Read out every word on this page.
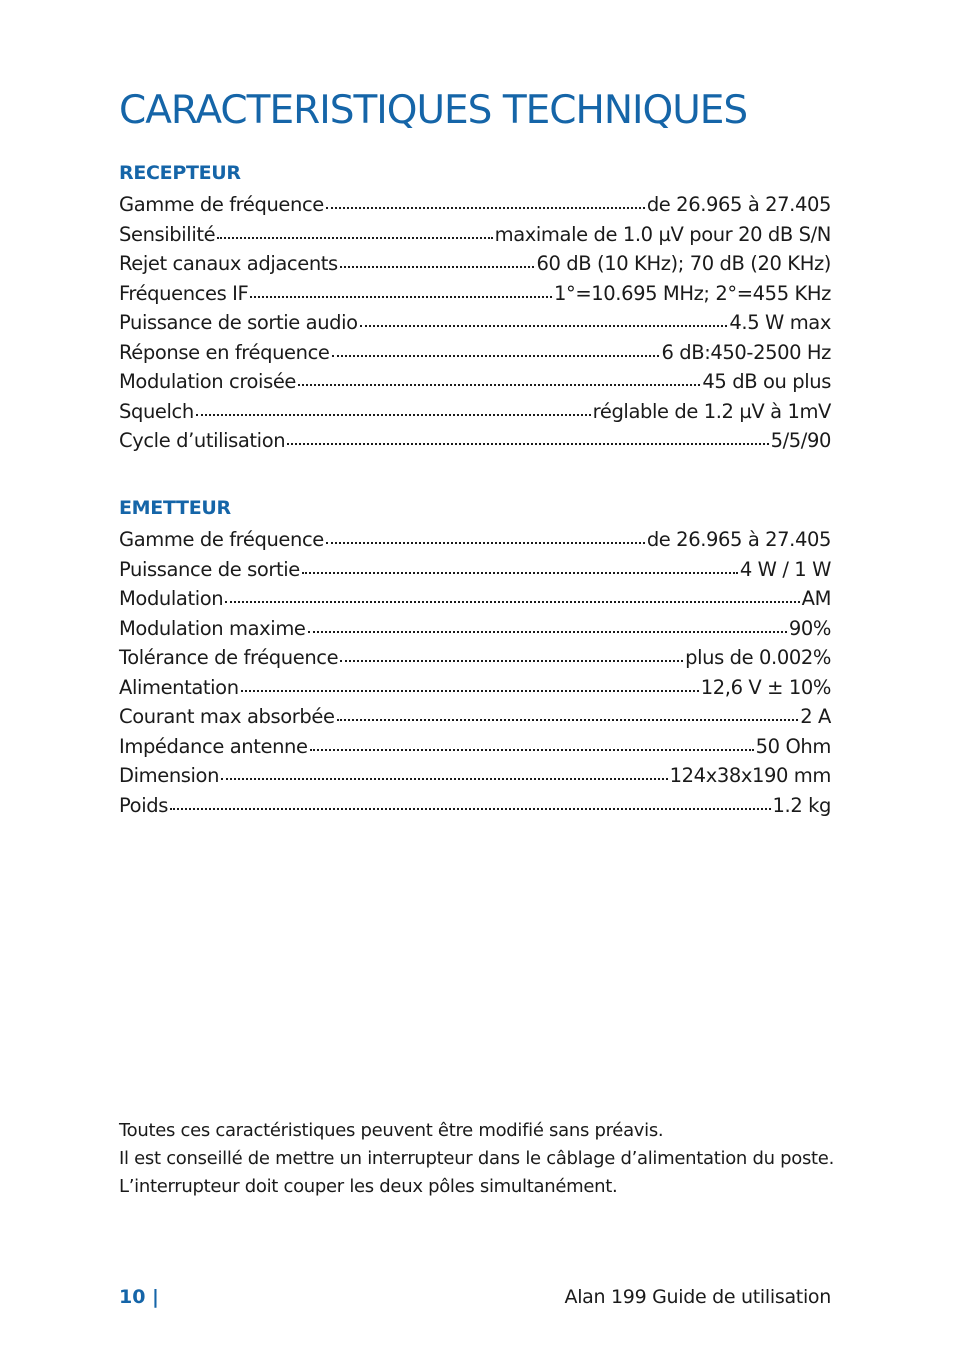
CARACTERISTIQUES TECHNIQUES
RECEPTEUR
Gamme de fréquence	de 26.965 à 27.405
Sensibilité	maximale de 1.0 µV pour 20 dB S/N
Rejet canaux adjacents	60 dB (10 KHz); 70 dB (20 KHz)
Fréquences IF	1°=10.695 MHz; 2°=455 KHz
Puissance de sortie audio	4.5 W max
Réponse en fréquence	6 dB:450-2500 Hz
Modulation croisée	45 dB ou plus
Squelch	réglable de 1.2 µV à 1mV
Cycle d’utilisation	5/5/90
EMETTEUR
Gamme de fréquence	de 26.965 à 27.405
Puissance de sortie	4 W / 1 W
Modulation	AM
Modulation maxime	90%
Tolérance de fréquence	plus de 0.002%
Alimentation	12,6 V ± 10%
Courant max absorbée	2 A
Impédance antenne	50 Ohm
Dimension	124x38x190 mm
Poids	1.2 kg

Toutes ces caractéristiques peuvent être modifié sans préavis.

Il est conseillé de mettre un interrupteur dans le câblage d’alimentation du poste. L’interrupteur doit couper les deux pôles simultanément.

10 |	Alan 199 Guide de utilisation
